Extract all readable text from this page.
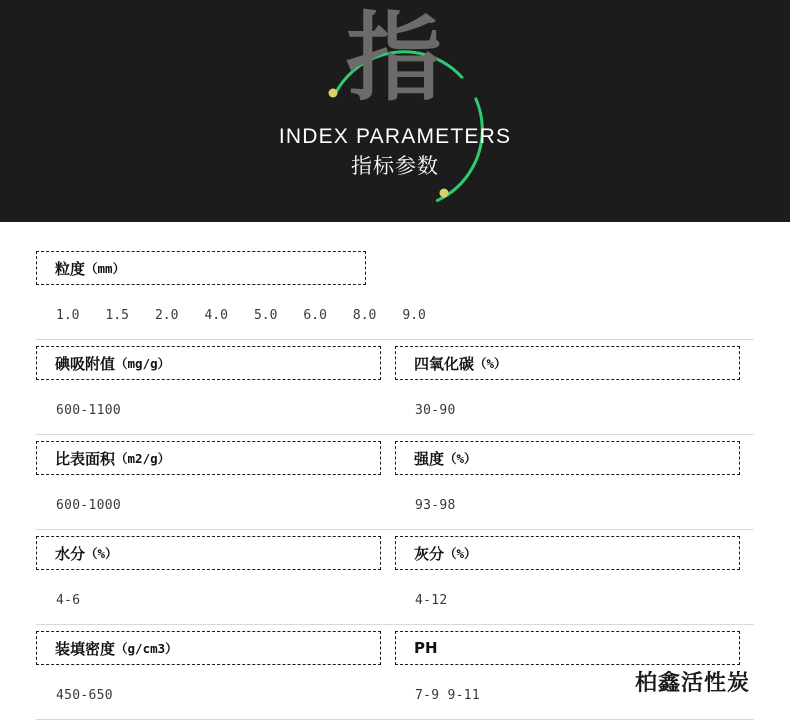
指
INDEX PARAMETERS
指标参数
粒度 （mm）	

1.0 1.5 2.0 4.0 5.0 6.0 8.0 9.0	

碘吸附值 （mg/g）	四氧化碳 （%）

600-1100	30-90

比表面积 （m2/g）	强度 （%）

600-1000	93-98

水分 （%）	灰分 （%）

4-6	4-12

装填密度 （g/cm3）	PH

450-650	7-9 9-11	柏鑫活性炭
